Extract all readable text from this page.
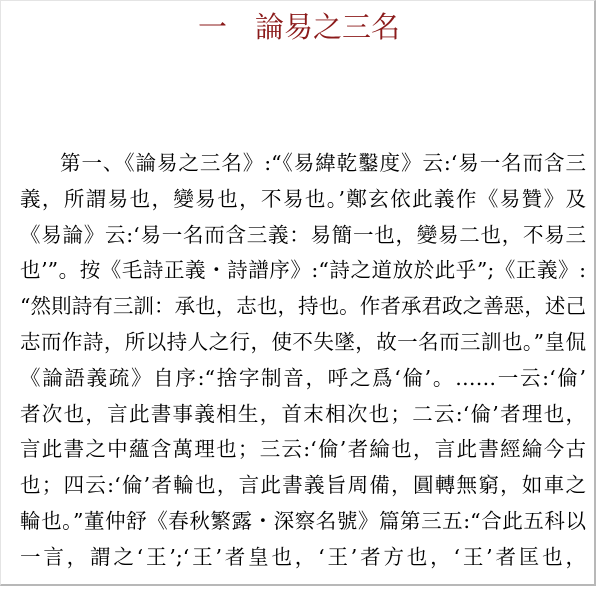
一 論易之三名
第一、《論易之三名》:“《易緯乾鑿度》云:‘易一名而含三
義，所謂易也，變易也，不易也。’鄭玄依此義作《易贊》及
《易論》云:‘易一名而含三義：易簡一也，變易二也，不易三
也’”。按《毛詩正義・詩譜序》:“詩之道放於此乎”;《正義》:
“然則詩有三訓：承也，志也，持也。作者承君政之善惡，述己
志而作詩，所以持人之行，使不失墜，故一名而三訓也。”皇侃
《論語義疏》自序:“捨字制音，呼之爲‘倫’。……一云:‘倫’
者次也，言此書事義相生，首末相次也；二云:‘倫’者理也，
言此書之中蘊含萬理也；三云:‘倫’者綸也，言此書經綸今古
也；四云:‘倫’者輪也，言此書義旨周備，圓轉無窮，如車之
輪也。”董仲舒《春秋繁露・深察名號》篇第三五:“合此五科以
一言，謂之‘王’;‘王’者皇也，‘王’者方也，‘王’者匡也，
